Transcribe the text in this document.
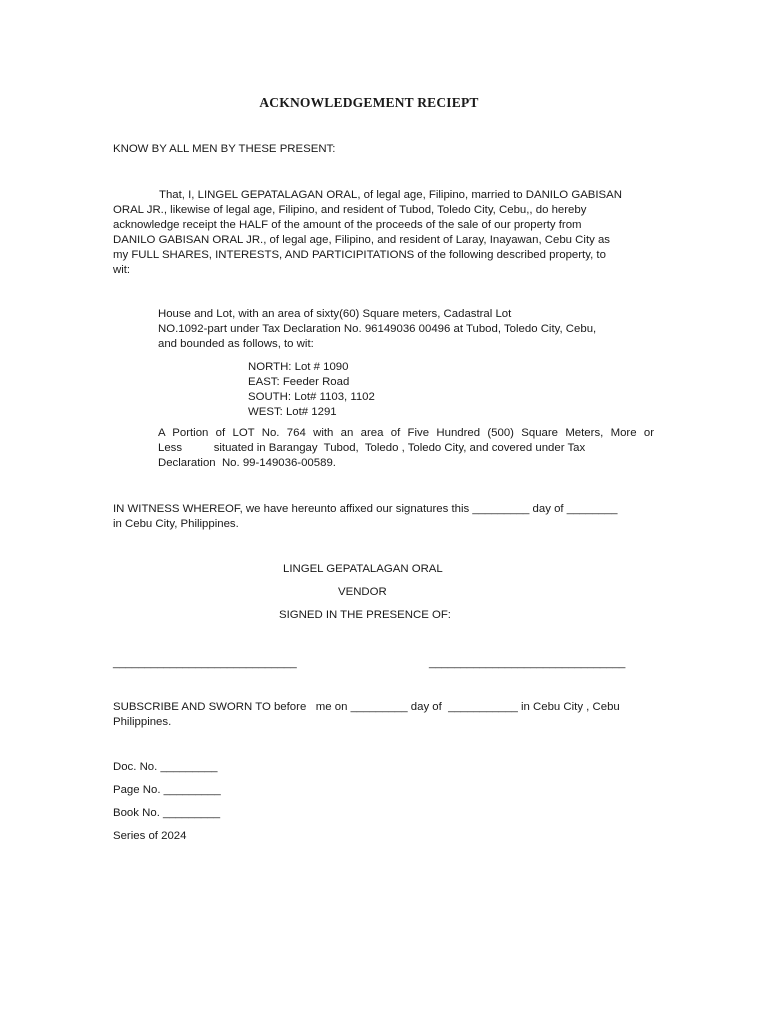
ACKNOWLEDGEMENT RECIEPT
KNOW BY ALL MEN BY THESE PRESENT:
That, I, LINGEL GEPATALAGAN ORAL, of legal age, Filipino, married to DANILO GABISAN
ORAL JR., likewise of legal age, Filipino, and resident of Tubod, Toledo City, Cebu,, do hereby
acknowledge receipt the HALF of the amount of the proceeds of the sale of our property from
DANILO GABISAN ORAL JR., of legal age, Filipino, and resident of Laray, Inayawan, Cebu City as
my FULL SHARES, INTERESTS, AND PARTICIPITATIONS of the following described property, to
wit:
House and Lot, with an area of sixty(60) Square meters, Cadastral Lot
NO.1092-part under Tax Declaration No. 96149036 00496 at Tubod, Toledo City, Cebu,
and bounded as follows, to wit:
NORTH: Lot # 1090
EAST: Feeder Road
SOUTH: Lot# 1103, 1102
WEST: Lot# 1291
A Portion of LOT No. 764 with an area of Five Hundred (500) Square Meters, More or
Less          situated in Barangay  Tubod,  Toledo , Toledo City, and covered under Tax
Declaration  No. 99-149036-00589.
IN WITNESS WHEREOF, we have hereunto affixed our signatures this _________ day of ________
in Cebu City, Philippines.
LINGEL GEPATALAGAN ORAL
VENDOR
SIGNED IN THE PRESENCE OF:
_____________________________	_______________________________
SUBSCRIBE AND SWORN TO before   me on _________ day of  ___________ in Cebu City , Cebu
Philippines.
Doc. No. _________
Page No. _________
Book No. _________
Series of 2024
